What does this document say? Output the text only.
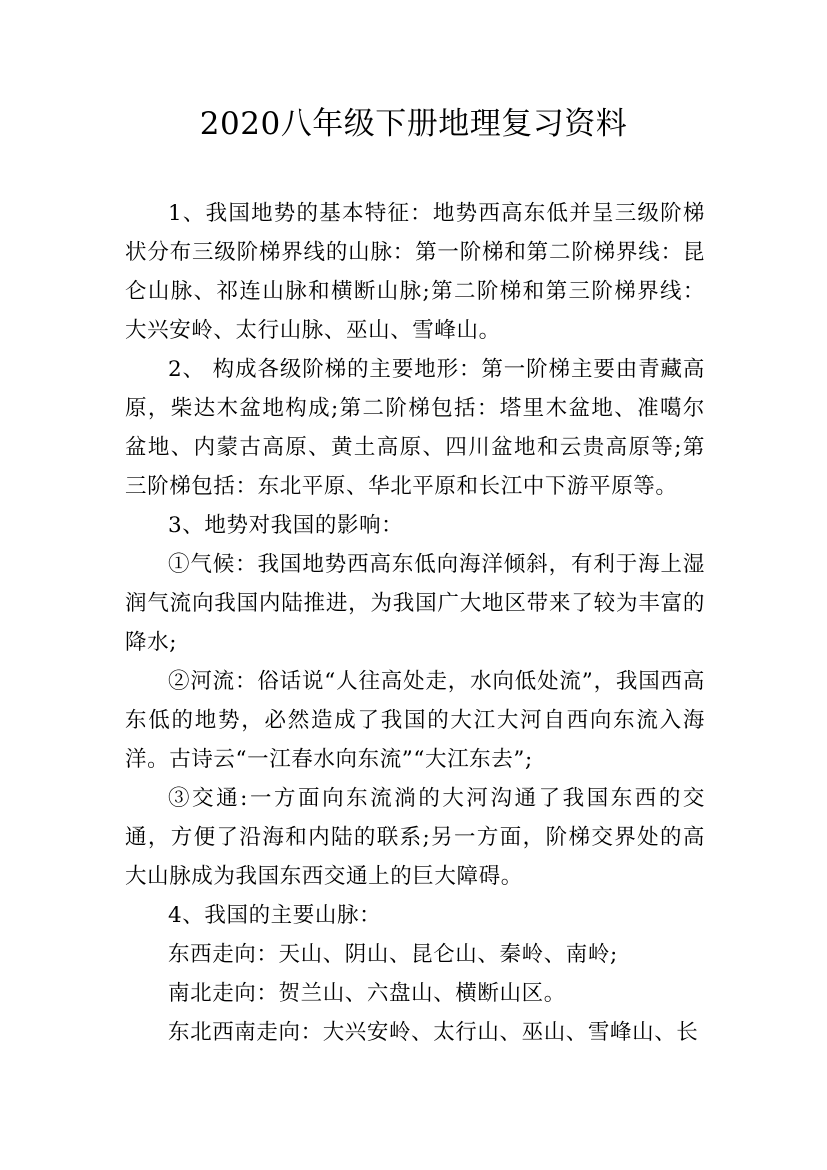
2020八年级下册地理复习资料

1、我国地势的基本特征：地势西高东低并呈三级阶梯状分布三级阶梯界线的山脉：第一阶梯和第二阶梯界线：昆仑山脉、祁连山脉和横断山脉;第二阶梯和第三阶梯界线：大兴安岭、太行山脉、巫山、雪峰山。

2、 构成各级阶梯的主要地形：第一阶梯主要由青藏高原，柴达木盆地构成;第二阶梯包括：塔里木盆地、准噶尔盆地、内蒙古高原、黄土高原、四川盆地和云贵高原等;第三阶梯包括：东北平原、华北平原和长江中下游平原等。

3、地势对我国的影响：

①气候：我国地势西高东低向海洋倾斜，有利于海上湿润气流向我国内陆推进，为我国广大地区带来了较为丰富的降水;

②河流：俗话说“人往高处走，水向低处流”，我国西高东低的地势，必然造成了我国的大江大河自西向东流入海洋。古诗云“一江春水向东流”“大江东去”;

③交通:一方面向东流淌的大河沟通了我国东西的交通，方便了沿海和内陆的联系;另一方面，阶梯交界处的高大山脉成为我国东西交通上的巨大障碍。

4、我国的主要山脉：

东西走向：天山、阴山、昆仑山、秦岭、南岭;

南北走向：贺兰山、六盘山、横断山区。

东北西南走向：大兴安岭、太行山、巫山、雪峰山、长
